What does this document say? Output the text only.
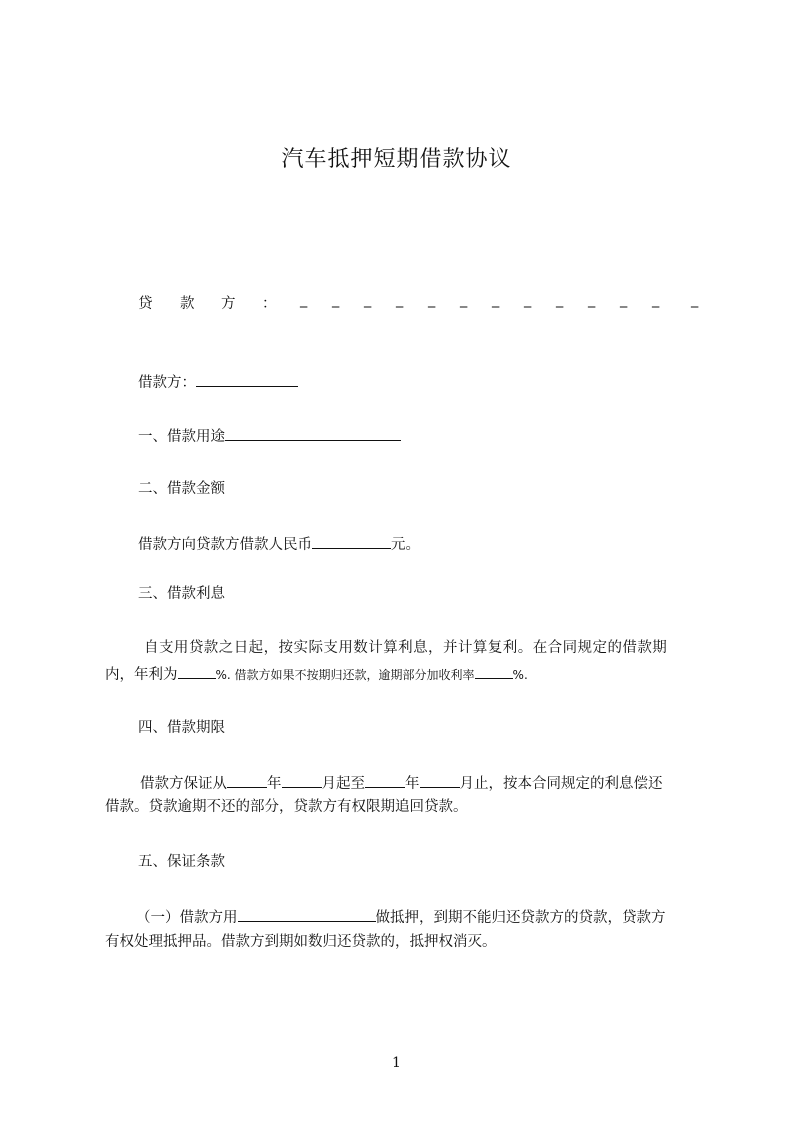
汽车抵押短期借款协议
贷 款 方 ： _ _ _ _ _ _ _ _ _ _ _ _ _
借款方：
一、借款用途
二、借款金额
借款方向贷款方借款人民币	元。
三、借款利息
自支用贷款之日起，按实际支用数计算利息，并计算复利。在合同规定的借款期
内，年利为	%. 借款方如果不按期归还款，逾期部分加收利率	%.
四、借款期限
借款方保证从	年	月起至	年	月止，按本合同规定的利息偿还
借款。贷款逾期不还的部分，贷款方有权限期追回贷款。
五、保证条款
（一）借款方用	做抵押，到期不能归还贷款方的贷款，贷款方
有权处理抵押品。借款方到期如数归还贷款的，抵押权消灭。
1
